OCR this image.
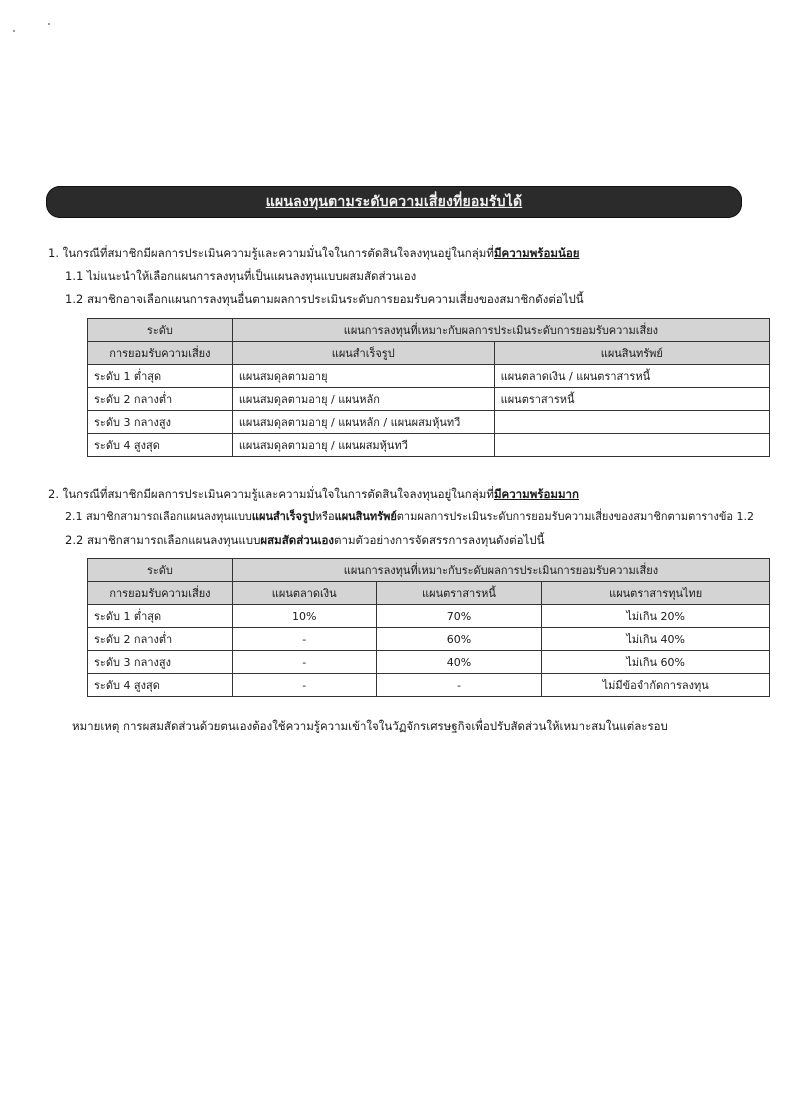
แผนลงทุนตามระดับความเสี่ยงที่ยอมรับได้
1. ในกรณีที่สมาชิกมีผลการประเมินความรู้และความมั่นใจในการตัดสินใจลงทุนอยู่ในกลุ่มที่มีความพร้อมน้อย
1.1 ไม่แนะนำให้เลือกแผนการลงทุนที่เป็นแผนลงทุนแบบผสมสัดส่วนเอง
1.2 สมาชิกอาจเลือกแผนการลงทุนอื่นตามผลการประเมินระดับการยอมรับความเสี่ยงของสมาชิกดังต่อไปนี้
ระดับ	แผนการลงทุนที่เหมาะกับผลการประเมินระดับการยอมรับความเสี่ยง	
การยอมรับความเสี่ยง	แผนสำเร็จรูป	แผนสินทรัพย์
ระดับ 1 ต่ำสุด	แผนสมดุลตามอายุ	แผนตลาดเงิน / แผนตราสารหนี้
ระดับ 2 กลางต่ำ	แผนสมดุลตามอายุ / แผนหลัก	แผนตราสารหนี้
ระดับ 3 กลางสูง	แผนสมดุลตามอายุ / แผนหลัก / แผนผสมหุ้นทวี	
ระดับ 4 สูงสุด	แผนสมดุลตามอายุ / แผนผสมหุ้นทวี	
2. ในกรณีที่สมาชิกมีผลการประเมินความรู้และความมั่นใจในการตัดสินใจลงทุนอยู่ในกลุ่มที่มีความพร้อมมาก
2.1 สมาชิกสามารถเลือกแผนลงทุนแบบแผนสำเร็จรูปหรือแผนสินทรัพย์ตามผลการประเมินระดับการยอมรับความเสี่ยงของสมาชิกตามตารางข้อ 1.2
2.2 สมาชิกสามารถเลือกแผนลงทุนแบบผสมสัดส่วนเองตามตัวอย่างการจัดสรรการลงทุนดังต่อไปนี้
ระดับ	แผนการลงทุนที่เหมาะกับระดับผลการประเมินการยอมรับความเสี่ยง		
การยอมรับความเสี่ยง	แผนตลาดเงิน	แผนตราสารหนี้	แผนตราสารทุนไทย
ระดับ 1 ต่ำสุด	10%	70%	ไม่เกิน 20%
ระดับ 2 กลางต่ำ	-	60%	ไม่เกิน 40%
ระดับ 3 กลางสูง	-	40%	ไม่เกิน 60%
ระดับ 4 สูงสุด	-	-	ไม่มีข้อจำกัดการลงทุน
หมายเหตุ การผสมสัดส่วนด้วยตนเองต้องใช้ความรู้ความเข้าใจในวัฏจักรเศรษฐกิจเพื่อปรับสัดส่วนให้เหมาะสมในแต่ละรอบ
